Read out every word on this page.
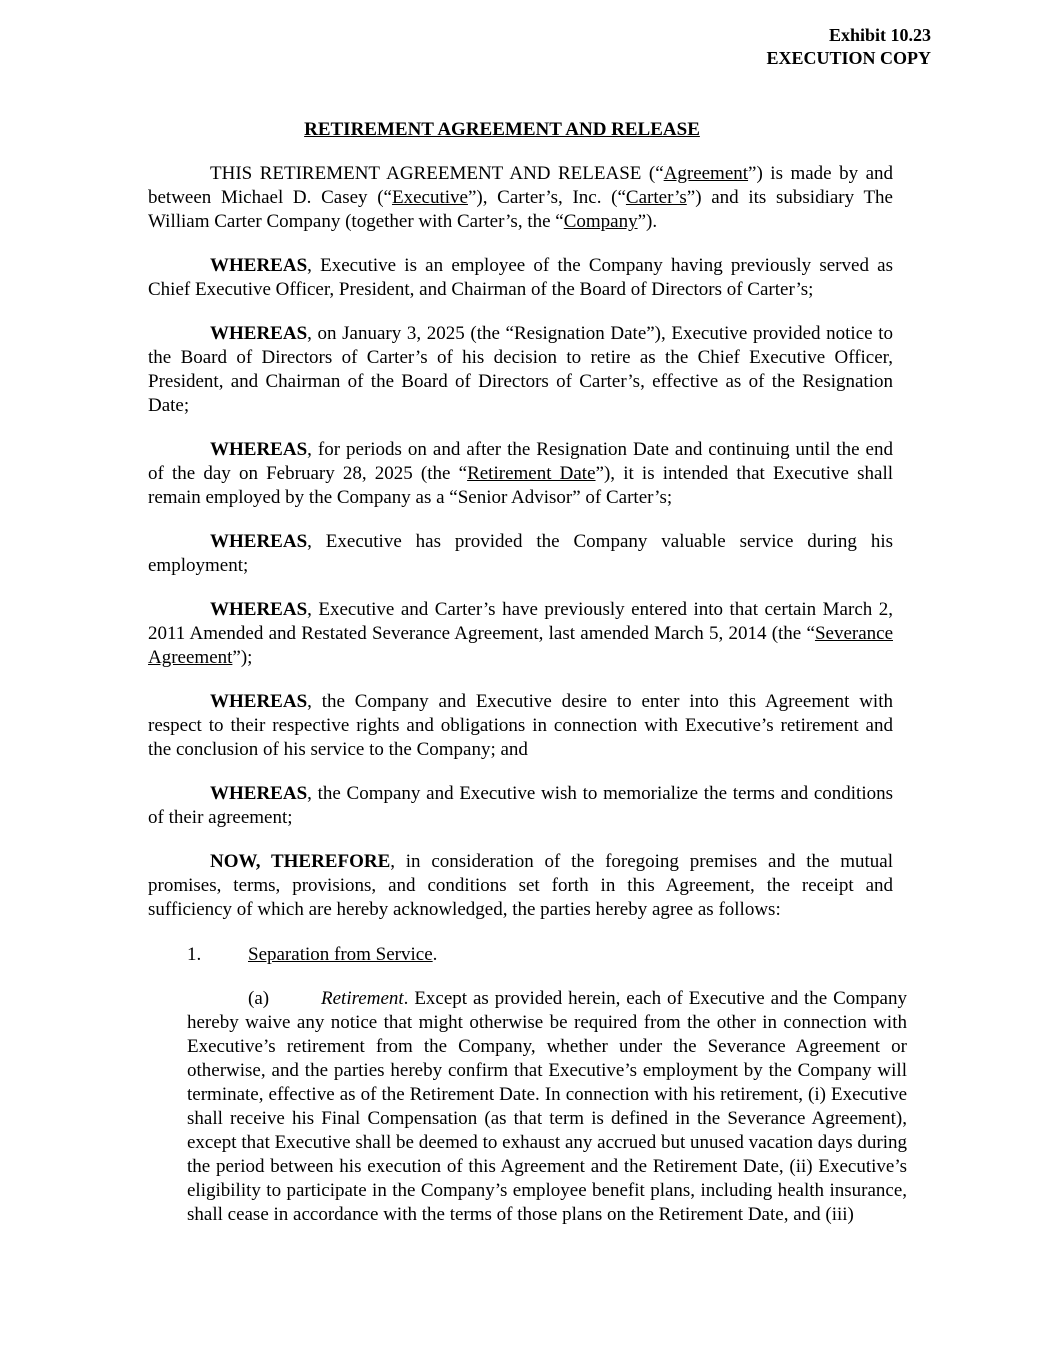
Exhibit 10.23
EXECUTION COPY
RETIREMENT AGREEMENT AND RELEASE

THIS RETIREMENT AGREEMENT AND RELEASE (“Agreement”) is made by and between Michael D. Casey (“Executive”), Carter’s, Inc. (“Carter’s”) and its subsidiary The William Carter Company (together with Carter’s, the “Company”).

WHEREAS, Executive is an employee of the Company having previously served as Chief Executive Officer, President, and Chairman of the Board of Directors of Carter’s;

WHEREAS, on January 3, 2025 (the “Resignation Date”), Executive provided notice to the Board of Directors of Carter’s of his decision to retire as the Chief Executive Officer, President, and Chairman of the Board of Directors of Carter’s, effective as of the Resignation Date;

WHEREAS, for periods on and after the Resignation Date and continuing until the end of the day on February 28, 2025 (the “Retirement Date”), it is intended that Executive shall remain employed by the Company as a “Senior Advisor” of Carter’s;

WHEREAS, Executive has provided the Company valuable service during his employment;

WHEREAS, Executive and Carter’s have previously entered into that certain March 2, 2011 Amended and Restated Severance Agreement, last amended March 5, 2014 (the “Severance Agreement”);

WHEREAS, the Company and Executive desire to enter into this Agreement with respect to their respective rights and obligations in connection with Executive’s retirement and the conclusion of his service to the Company; and

WHEREAS, the Company and Executive wish to memorialize the terms and conditions of their agreement;

NOW, THEREFORE, in consideration of the foregoing premises and the mutual promises, terms, provisions, and conditions set forth in this Agreement, the receipt and sufficiency of which are hereby acknowledged, the parties hereby agree as follows:

1. Separation from Service.

(a)	Retirement. Except as provided herein, each of Executive and the Company hereby waive any notice that might otherwise be required from the other in connection with Executive’s retirement from the Company, whether under the Severance Agreement or otherwise, and the parties hereby confirm that Executive’s employment by the Company will terminate, effective as of the Retirement Date. In connection with his retirement, (i) Executive shall receive his Final Compensation (as that term is defined in the Severance Agreement), except that Executive shall be deemed to exhaust any accrued but unused vacation days during the period between his execution of this Agreement and the Retirement Date, (ii) Executive’s eligibility to participate in the Company’s employee benefit plans, including health insurance, shall cease in accordance with the terms of those plans on the Retirement Date, and (iii)
